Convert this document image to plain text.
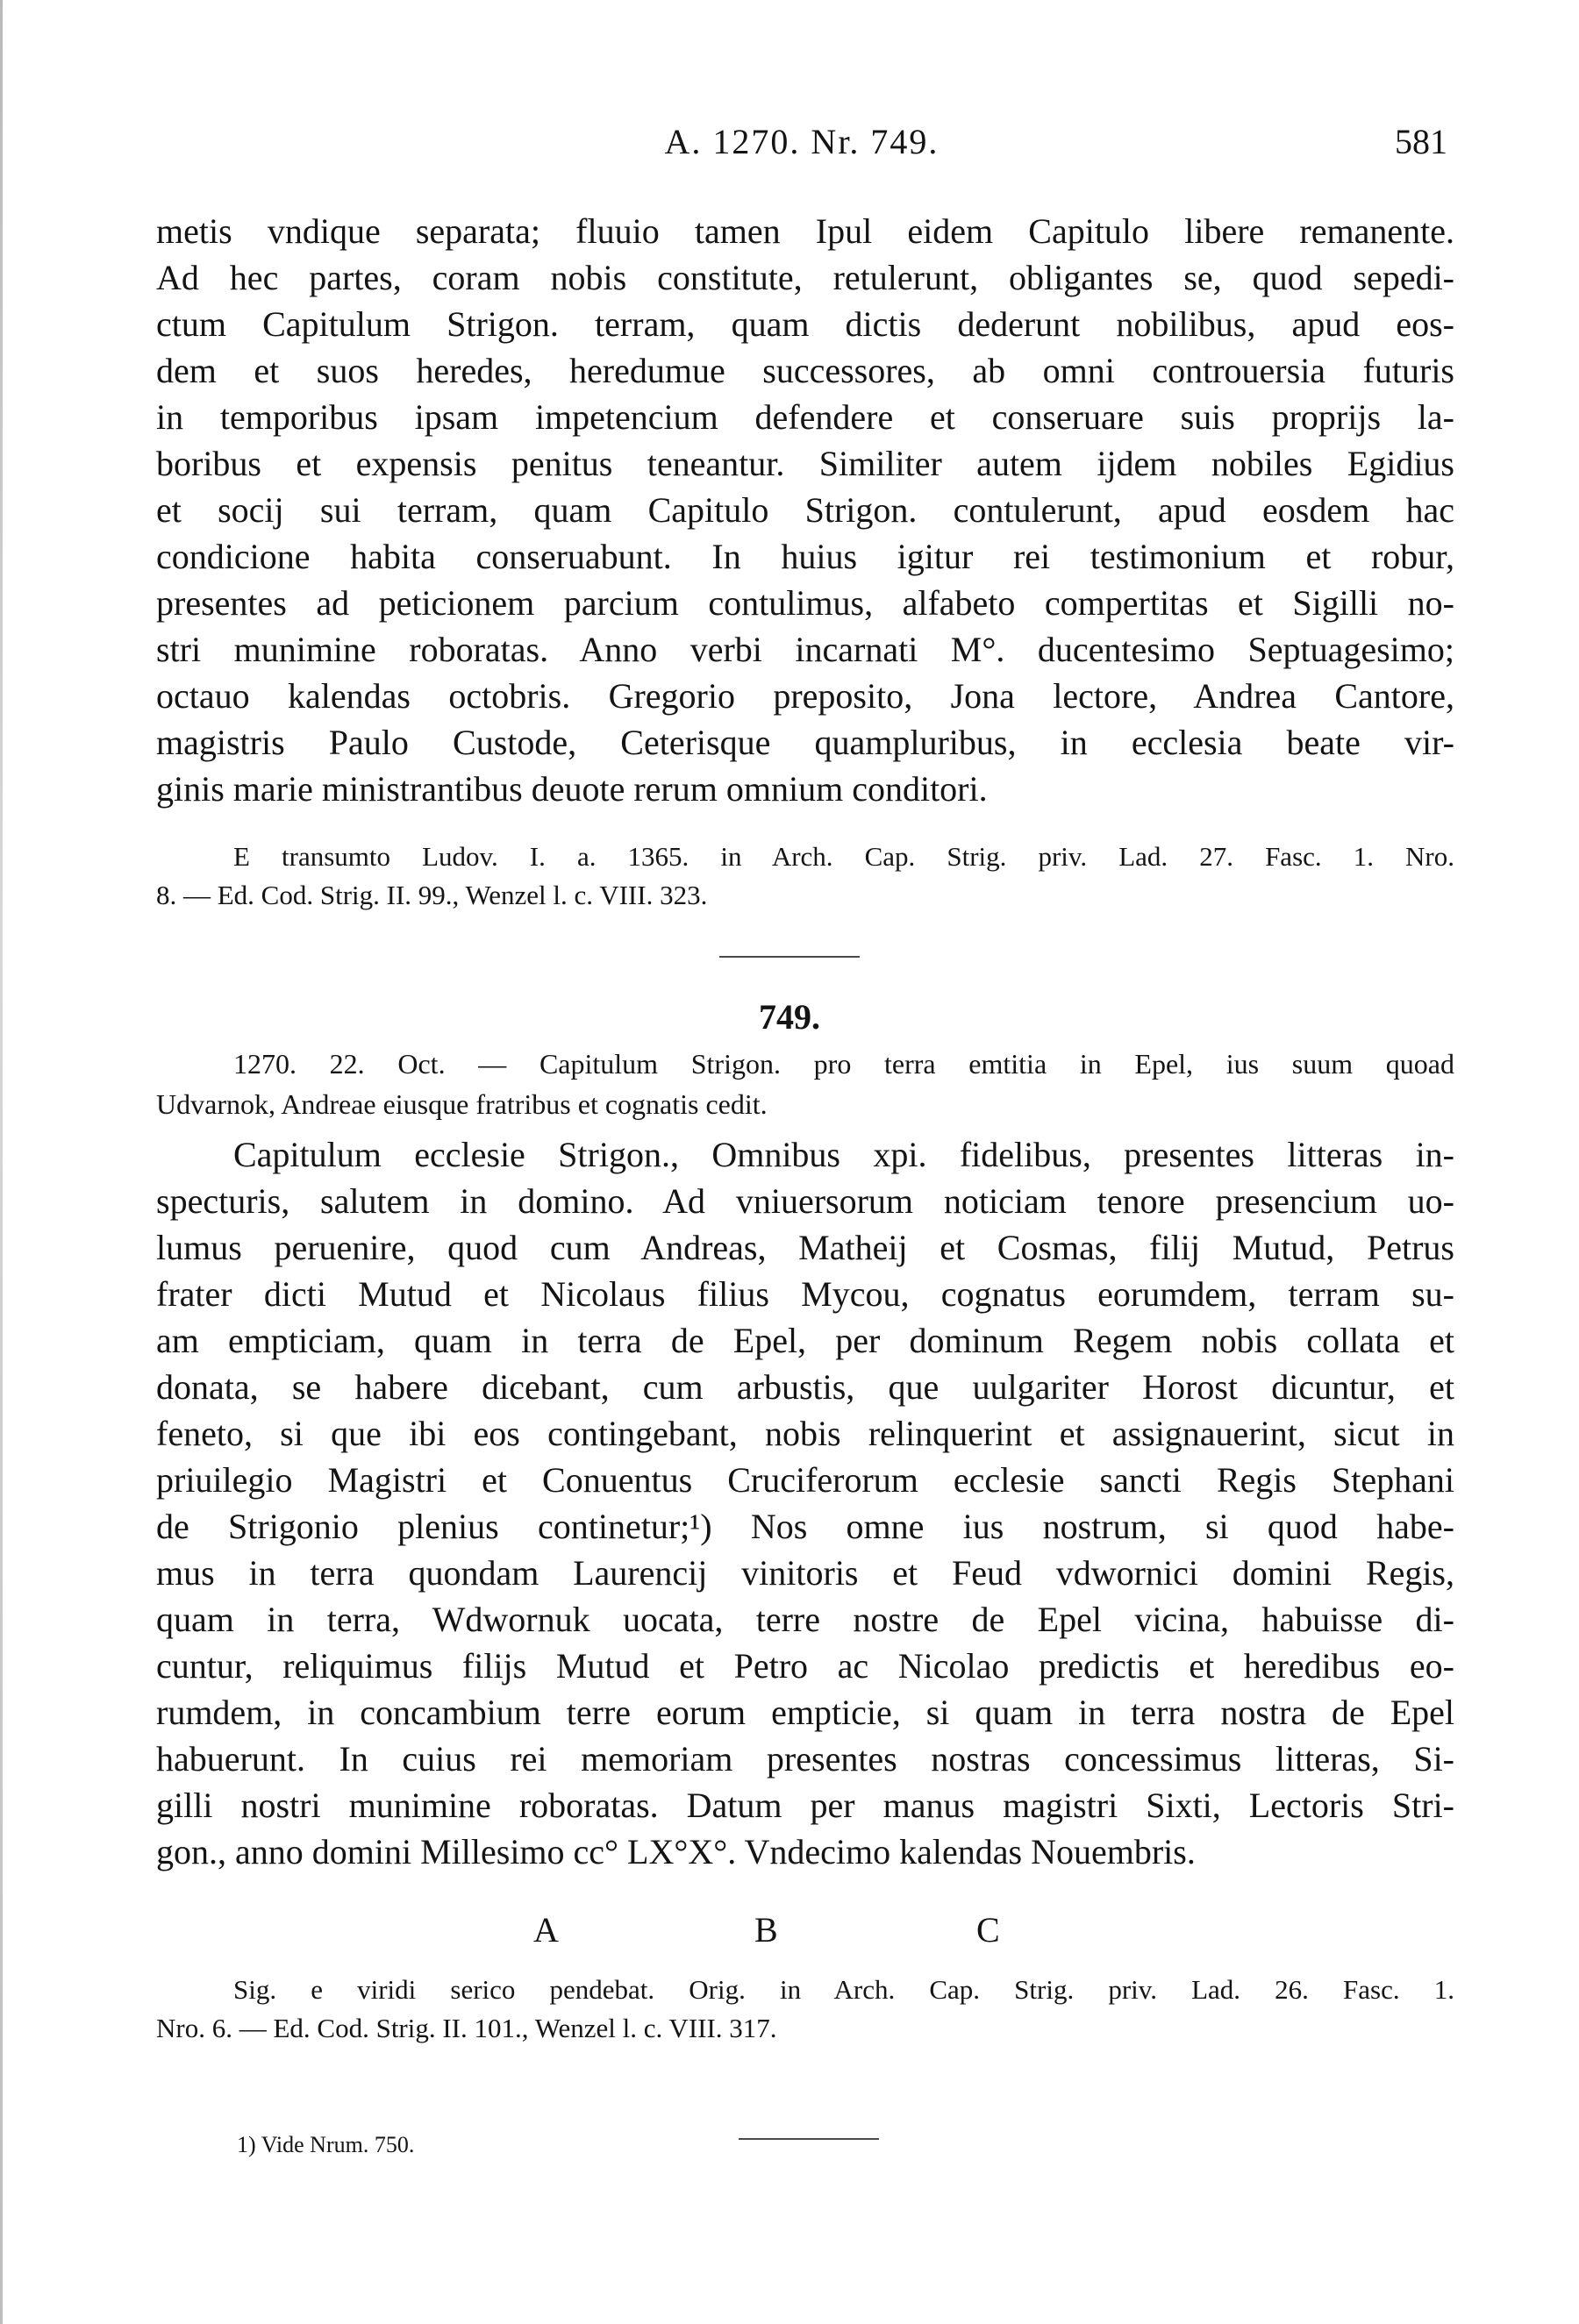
A. 1270. Nr. 749.	581

metis vndique separata; fluuio tamen Ipul eidem Capitulo libere remanente.

Ad hec partes, coram nobis constitute, retulerunt, obligantes se, quod sepedi-

ctum Capitulum Strigon. terram, quam dictis dederunt nobilibus, apud eos-

dem et suos heredes, heredumue successores, ab omni controuersia futuris

in temporibus ipsam impetencium defendere et conseruare suis proprijs la-

boribus et expensis penitus teneantur. Similiter autem ijdem nobiles Egidius

et socij sui terram, quam Capitulo Strigon. contulerunt, apud eosdem hac

condicione habita conseruabunt. In huius igitur rei testimonium et robur,

presentes ad peticionem parcium contulimus, alfabeto compertitas et Sigilli no-

stri munimine roboratas. Anno verbi incarnati M°. ducentesimo Septuagesimo;

octauo kalendas octobris. Gregorio preposito, Jona lectore, Andrea Cantore,

magistris Paulo Custode, Ceterisque quampluribus, in ecclesia beate vir-

ginis marie ministrantibus deuote rerum omnium conditori.

E transumto Ludov. I. a. 1365. in Arch. Cap. Strig. priv. Lad. 27. Fasc. 1. Nro.

8. — Ed. Cod. Strig. II. 99., Wenzel l. c. VIII. 323.

749.

1270. 22. Oct. — Capitulum Strigon. pro terra emtitia in Epel, ius suum quoad

Udvarnok, Andreae eiusque fratribus et cognatis cedit.

Capitulum ecclesie Strigon., Omnibus xpi. fidelibus, presentes litteras in-

specturis, salutem in domino. Ad vniuersorum noticiam tenore presencium uo-

lumus peruenire, quod cum Andreas, Matheij et Cosmas, filij Mutud, Petrus

frater dicti Mutud et Nicolaus filius Mycou, cognatus eorumdem, terram su-

am empticiam, quam in terra de Epel, per dominum Regem nobis collata et

donata, se habere dicebant, cum arbustis, que uulgariter Horost dicuntur, et

feneto, si que ibi eos contingebant, nobis relinquerint et assignauerint, sicut in

priuilegio Magistri et Conuentus Cruciferorum ecclesie sancti Regis Stephani

de Strigonio plenius continetur;¹) Nos omne ius nostrum, si quod habe-

mus in terra quondam Laurencij vinitoris et Feud vdwornici domini Regis,

quam in terra, Wdwornuk uocata, terre nostre de Epel vicina, habuisse di-

cuntur, reliquimus filijs Mutud et Petro ac Nicolao predictis et heredibus eo-

rumdem, in concambium terre eorum empticie, si quam in terra nostra de Epel

habuerunt. In cuius rei memoriam presentes nostras concessimus litteras, Si-

gilli nostri munimine roboratas. Datum per manus magistri Sixti, Lectoris Stri-

gon., anno domini Millesimo cc° LX°X°. Vndecimo kalendas Nouembris.

A	B	C

Sig. e viridi serico pendebat. Orig. in Arch. Cap. Strig. priv. Lad. 26. Fasc. 1.

Nro. 6. — Ed. Cod. Strig. II. 101., Wenzel l. c. VIII. 317.

1) Vide Nrum. 750.
